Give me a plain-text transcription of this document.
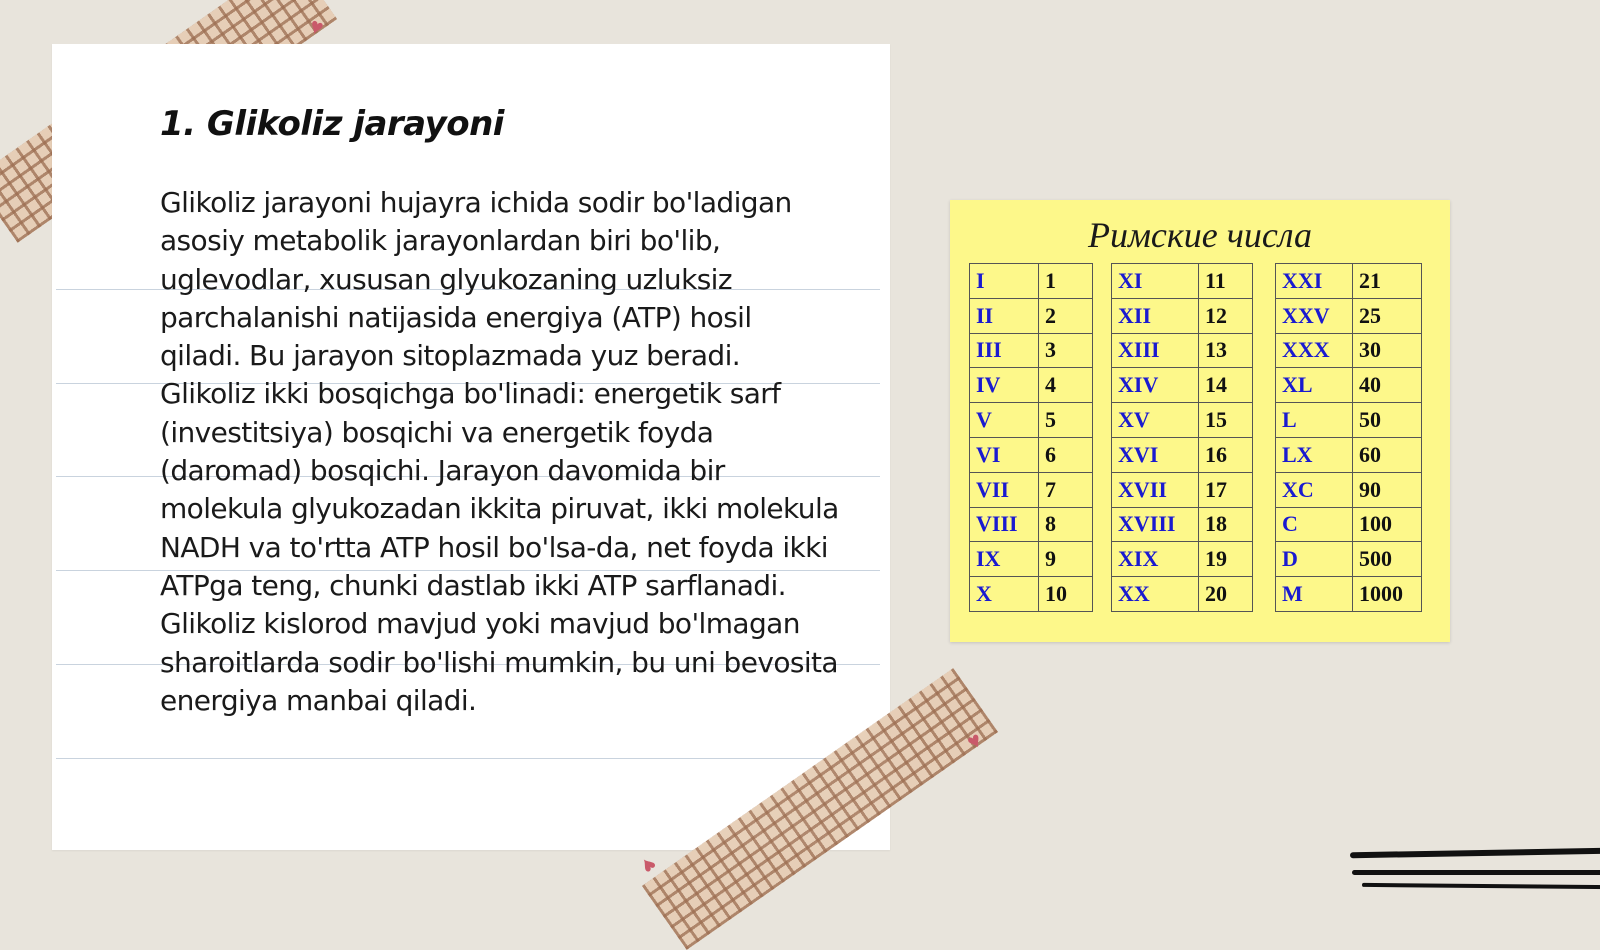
♥
1. Glikoliz jarayoni

Glikoliz jarayoni hujayra ichida sodir bo'ladigan asosiy metabolik jarayonlardan biri bo'lib, uglevodlar, xususan glyukozaning uzluksiz parchalanishi natijasida energiya (ATP) hosil qiladi. Bu jarayon sitoplazmada yuz beradi. Glikoliz ikki bosqichga bo'linadi: energetik sarf (investitsiya) bosqichi va energetik foyda (daromad) bosqichi. Jarayon davomida bir molekula glyukozadan ikkita piruvat, ikki molekula NADH va to'rtta ATP hosil bo'lsa-da, net foyda ikki ATPga teng, chunki dastlab ikki ATP sarflanadi. Glikoliz kislorod mavjud yoki mavjud bo'lmagan sharoitlarda sodir bo'lishi mumkin, bu uni bevosita energiya manbai qiladi.

♥
♥
Римские числа
I	1
II	2
III	3
IV	4
V	5
VI	6
VII	7
VIII	8
IX	9
X	10
XI	11
XII	12
XIII	13
XIV	14
XV	15
XVI	16
XVII	17
XVIII	18
XIX	19
XX	20
XXI	21
XXV	25
XXX	30
XL	40
L	50
LX	60
XC	90
C	100
D	500
M	1000
